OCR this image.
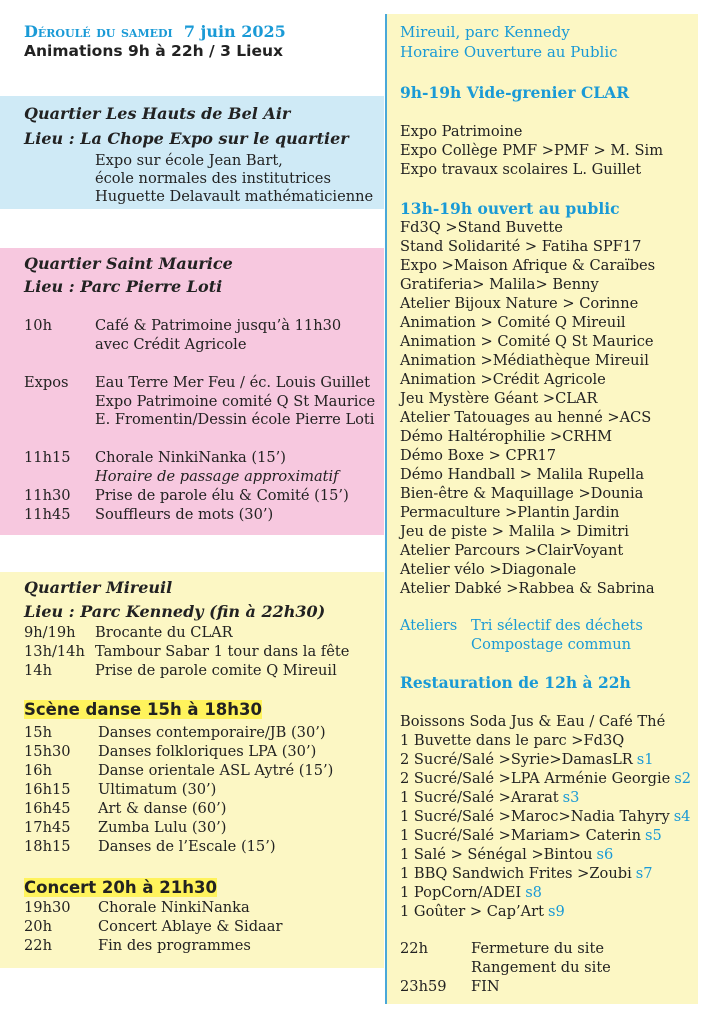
Déroulé du samedi 7 juin 2025
Animations 9h à 22h / 3 Lieux
Quartier Les Hauts de Bel Air
Lieu : La Chope Expo sur le quartier
Expo sur école Jean Bart,
école normales des institutrices
Huguette Delavault mathématicienne
Quartier Saint Maurice
Lieu : Parc Pierre Loti
10h	Café & Patrimoine jusqu’à 11h30
avec Crédit Agricole
Expos Eau Terre Mer Feu / éc. Louis Guillet
Expo Patrimoine comité Q St Maurice
E. Fromentin/Dessin école Pierre Loti
11h15 Chorale NinkiNanka (15’)
Horaire de passage approximatif
11h30 Prise de parole élu & Comité (15’)
11h45 Souffleurs de mots (30’)
Quartier Mireuil
Lieu : Parc Kennedy (fin à 22h30)
9h/19h Brocante du CLAR
13h/14h Tambour Sabar 1 tour dans la fête
14h	Prise de parole comite Q Mireuil
Scène danse 15h à 18h30
15h	Danses contemporaire/JB (30’)
15h30 Danses folkloriques LPA (30’)
16h	Danse orientale ASL Aytré (15’)
16h15 Ultimatum (30’)
16h45 Art & danse (60’)
17h45 Zumba Lulu (30’)
18h15 Danses de l’Escale (15’)
Concert 20h à 21h30
19h30 Chorale NinkiNanka
20h	Concert Ablaye & Sidaar
22h	Fin des programmes
Mireuil, parc Kennedy
Horaire Ouverture au Public
9h-19h Vide-grenier CLAR
Expo Patrimoine
Expo Collège PMF >PMF > M. Sim
Expo travaux scolaires L. Guillet
13h-19h ouvert au public
Fd3Q >Stand Buvette
Stand Solidarité > Fatiha SPF17
Expo >Maison Afrique & Caraïbes
Gratiferia> Malila> Benny
Atelier Bijoux Nature > Corinne
Animation > Comité Q Mireuil
Animation > Comité Q St Maurice
Animation >Médiathèque Mireuil
Animation >Crédit Agricole
Jeu Mystère Géant >CLAR
Atelier Tatouages au henné >ACS
Démo Haltérophilie >CRHM
Démo Boxe > CPR17
Démo Handball > Malila Rupella
Bien-être & Maquillage >Dounia
Permaculture >Plantin Jardin
Jeu de piste > Malila > Dimitri
Atelier Parcours >ClairVoyant
Atelier vélo >Diagonale
Atelier Dabké >Rabbea & Sabrina
Ateliers Tri sélectif des déchets
Compostage commun
Restauration de 12h à 22h
Boissons Soda Jus & Eau / Café Thé
1 Buvette dans le parc >Fd3Q
2 Sucré/Salé >Syrie>DamasLR s1
2 Sucré/Salé >LPA Arménie Georgie s2
1 Sucré/Salé >Ararat s3
1 Sucré/Salé >Maroc>Nadia Tahyry s4
1 Sucré/Salé >Mariam> Caterin s5
1 Salé > Sénégal >Bintou s6
1 BBQ Sandwich Frites >Zoubi s7
1 PopCorn/ADEI s8
1 Goûter > Cap’Art s9
22h	Fermeture du site
Rangement du site
23h59 FIN
